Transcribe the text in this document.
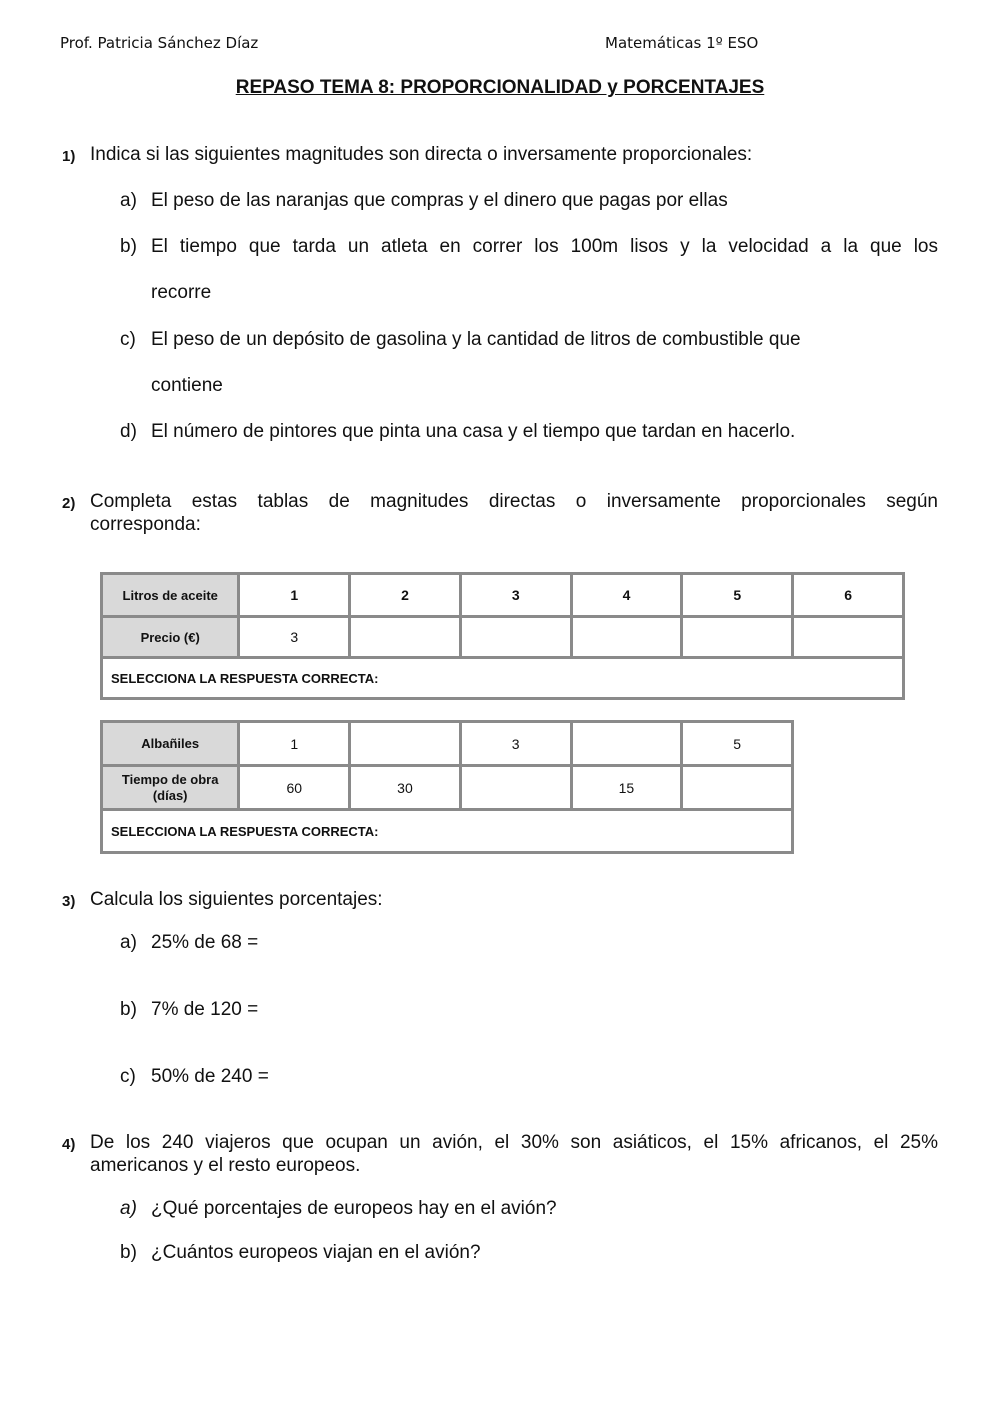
Prof. Patricia Sánchez Díaz	Matemáticas 1º ESO
REPASO TEMA 8: PROPORCIONALIDAD y PORCENTAJES
1) Indica si las siguientes magnitudes son directa o inversamente proporcionales:
a) El peso de las naranjas que compras y el dinero que pagas por ellas
b) El tiempo que tarda un atleta en correr los 100m lisos y la velocidad a la que los
recorre
c) El peso de un depósito de gasolina y la cantidad de litros de combustible que
contiene
d) El número de pintores que pinta una casa y el tiempo que tardan en hacerlo.
2) Completa estas tablas de magnitudes directas o inversamente proporcionales según
corresponda:
Litros de aceite	1	2	3	4	5	6
Precio (€)	3					
SELECCIONA LA RESPUESTA CORRECTA:						
Albañiles	1		3		5
Tiempo de obra (días)	60	30		15	
SELECCIONA LA RESPUESTA CORRECTA:					
3) Calcula los siguientes porcentajes:
a) 25% de 68 =
b) 7% de 120 =
c) 50% de 240 =
4) De los 240 viajeros que ocupan un avión, el 30% son asiáticos, el 15% africanos, el 25%
americanos y el resto europeos.
a) ¿Qué porcentajes de europeos hay en el avión?
b) ¿Cuántos europeos viajan en el avión?
